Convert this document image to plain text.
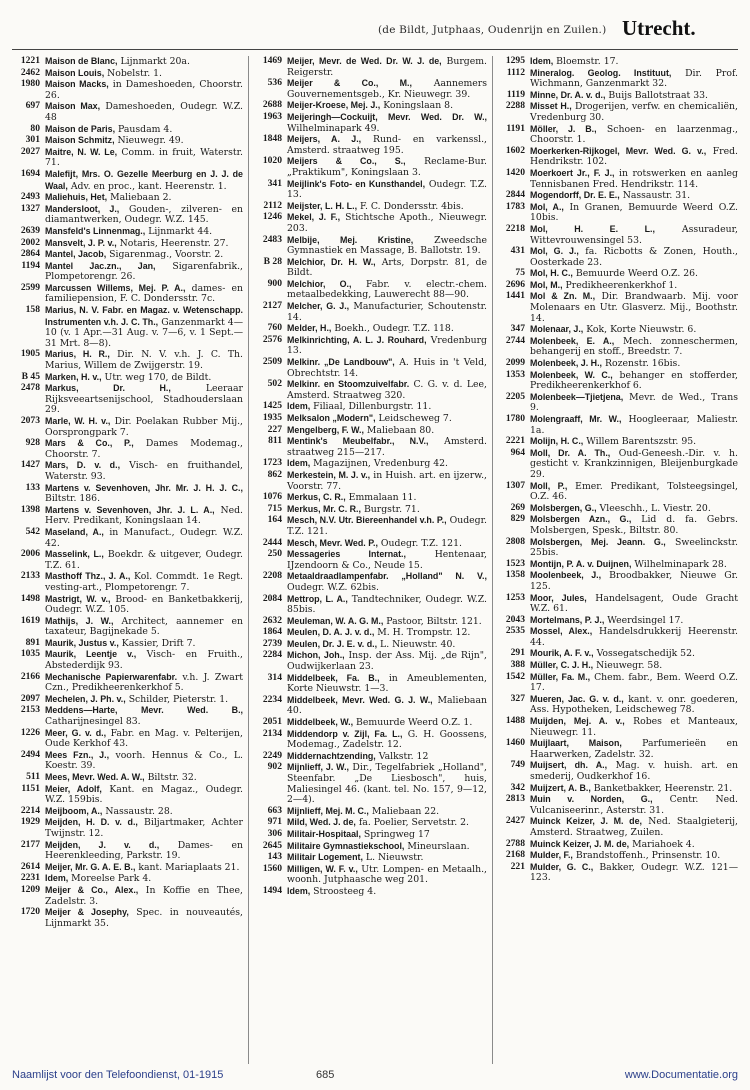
(de Bildt, Jutphaas, Oudenrijn en Zuilen.) Utrecht.
1221 Maison de Blanc, Lijnmarkt 20a.
2462 Maison Louis, Nobelstr. 1.
1980 Maison Macks, in Dameshoeden, Choorstr. 26.
697 Maison Max, Dameshoeden, Oudegr. W.Z. 48
80 Maison de Paris, Pausdam 4.
301 Maison Schmitz, Nieuwegr. 49.
2027 Maitre, N. W. Le, Comm. in fruit, Waterstr. 71.
1694 Malefijt, Mrs. O. Gezelle Meerburg en J. J. de Waal, Adv. en proc., kant. Heerenstr. 1.
2493 Maliehuis, Het, Maliebaan 2.
1327 Mandersloot, J., Gouden-, zilveren- en diamantwerken, Oudegr. W.Z. 145.
2639 Mansfeld's Linnenmag., Lijnmarkt 44.
2002 Mansvelt, J. P. v., Notaris, Heerenstr. 27.
2864 Mantel, Jacob, Sigarenmag., Voorstr. 2.
1194 Mantel Jac.zn., Jan, Sigarenfabrik., Plompetorengr. 26.
2599 Marcussen Willems, Mej. P. A., dames- en familiepension, F. C. Dondersstr. 7c.
158 Marius, N. V. Fabr. en Magaz. v. Wetenschapp. Instrumenten v.h. J. C. Th., Ganzenmarkt 4—10 (v. 1 Apr.—31 Aug. v. 7—6, v. 1 Sept.—31 Mrt. 8—8).
1905 Marius, H. R., Dir. N. V. v.h. J. C. Th. Marius, Willem de Zwijgerstr. 19.
B 45 Marken, H. v., Utr. weg 170, de Bildt.
2478 Markus, Dr. H., Leeraar Rijksveeartsenijschool, Stadhouderslaan 29.
2073 Marle, W. H. v., Dir. Poelakan Rubber Mij., Oorsprongpark 7.
928 Mars & Co., P., Dames Modemag., Choorstr. 7.
1427 Mars, D. v. d., Visch- en fruithandel, Waterstr. 93.
133 Martens v. Sevenhoven, Jhr. Mr. J. H. J. C., Biltstr. 186.
1398 Martens v. Sevenhoven, Jhr. J. L. A., Ned. Herv. Predikant, Koningslaan 14.
542 Maseland, A., in Manufact., Oudegr. W.Z. 42.
2006 Masselink, L., Boekdr. & uitgever, Oudegr. T.Z. 61.
2133 Masthoff Thz., J. A., Kol. Commdt. 1e Regt. vesting-art., Plompetorengr. 7.
1498 Mastrigt, W. v., Brood- en Banketbakkerij, Oudegr. W.Z. 105.
1619 Mathijs, J. W., Architect, aannemer en taxateur, Bagijnekade 5.
891 Maurik, Justus v., Kassier, Drift 7.
1035 Maurik, Leentje v., Visch- en Fruith., Abstederdijk 93.
2166 Mechanische Papierwarenfabr. v.h. J. Zwart Czn., Predikheerenkerkhof 5.
2097 Mechelen, J. Ph. v., Schilder, Pieterstr. 1.
2153 Meddens—Harte, Mevr. Wed. B., Catharijnesingel 83.
1226 Meer, G. v. d., Fabr. en Mag. v. Pelterijen, Oude Kerkhof 43.
2494 Mees Fzn., J., voorh. Hennus & Co., L. Koestr. 39.
511 Mees, Mevr. Wed. A. W., Biltstr. 32.
1151 Meier, Adolf, Kant. en Magaz., Oudegr. W.Z. 159bis.
2214 Meijboom, A., Nassaustr. 28.
1929 Meijden, H. D. v. d., Biljartmaker, Achter Twijnstr. 12.
2177 Meijden, J. v. d., Dames- en Heerenkleeding, Parkstr. 19.
2614 Meijer, Mr. G. A. E. B., kant. Mariaplaats 21.
2231 Idem, Moreelse Park 4.
1209 Meijer & Co., Alex., In Koffie en Thee, Zadelstr. 3.
1720 Meijer & Josephy, Spec. in nouveautés, Lijnmarkt 35.
1469 Meijer, Mevr. de Wed. Dr. W. J. de, Burgem. Reigerstr.
536 Meijer & Co., M., Aannemers Gouvernementsgeb., Kr. Nieuwegr. 39.
2688 Meijer-Kroese, Mej. J., Koningslaan 8.
1963 Meijeringh—Cockuijt, Mevr. Wed. Dr. W., Wilhelminapark 49.
1848 Meijers, A. J., Rund- en varkenssl., Amsterd. straatweg 195.
1020 Meijers & Co., S., Reclame-Bur. „Praktikum", Koningslaan 3.
341 Meijlink's Foto- en Kunsthandel, Oudegr. T.Z. 13.
2112 Meijster, L. H. L., F. C. Dondersstr. 4bis.
1246 Mekel, J. F., Stichtsche Apoth., Nieuwegr. 203.
2483 Melbije, Mej. Kristine, Zweedsche Gymnastiek en Massage, B. Ballotstr. 19.
B 28 Melchior, Dr. H. W., Arts, Dorpstr. 81, de Bildt.
900 Melchior, O., Fabr. v. electr.-chem. metaalbedekking, Lauwerecht 88—90.
2127 Melcher, G. J., Manufacturier, Schoutenstr. 14.
760 Melder, H., Boekh., Oudegr. T.Z. 118.
2576 Melkinrichting, A. L. J. Rouhard, Vredenburg 13.
2509 Melkinr. „De Landbouw", A. Huis in 't Veld, Obrechtstr. 14.
502 Melkinr. en Stoomzuivelfabr. C. G. v. d. Lee, Amsterd. Straatweg 320.
1425 Idem, Filiaal, Dillenburgstr. 11.
1935 Melksalon „Modern", Leidscheweg 7.
227 Mengelberg, F. W., Maliebaan 80.
811 Mentink's Meubelfabr., N.V., Amsterd. straatweg 215—217.
1723 Idem, Magazijnen, Vredenburg 42.
862 Merkestein, M. J. v., in Huish. art. en ijzerw., Voorstr. 77.
1076 Merkus, C. R., Emmalaan 11.
715 Merkus, Mr. C. R., Burgstr. 71.
164 Mesch, N.V. Utr. Biereenhandel v.h. P., Oudegr. T.Z. 121.
2444 Mesch, Mevr. Wed. P., Oudegr. T.Z. 121.
250 Messageries Internat., Hentenaar, IJzendoorn & Co., Neude 15.
2208 Metaaldraadlampenfabr. „Holland" N. V., Oudegr. W.Z. 62bis.
2084 Mettrop, L. A., Tandtechniker, Oudegr. W.Z. 85bis.
2632 Meuleman, W. A. G. M., Pastoor, Biltstr. 121.
1864 Meulen, D. A. J. v. d., M. H. Trompstr. 12.
2739 Meulen, Dr. J. E. v. d., L. Nieuwstr. 40.
2284 Michon, Joh., Insp. der Ass. Mij. „de Rijn", Oudwijkerlaan 23.
314 Middelbeek, Fa. B., in Ameublementen, Korte Nieuwstr. 1—3.
2234 Middelbeek, Mevr. Wed. G. J. W., Maliebaan 40.
2051 Middelbeek, W., Bemuurde Weerd O.Z. 1.
2134 Middendorp v. Zijl, Fa. L., G. H. Goossens, Modemag., Zadelstr. 12.
2249 Middernachtzending, Valkstr. 12
902 Mijnlieff, J. W., Dir., Tegelfabriek „Holland", Steenfabr. „De Liesbosch", huis, Maliesingel 46. (kant. tel. No. 157, 9—12, 2—4).
663 Mijnlieff, Mej. M. C., Maliebaan 22.
971 Mild, Wed. J. de, fa. Poelier, Servetstr. 2.
306 Militair-Hospitaal, Springweg 17
2645 Militaire Gymnastiekschool, Mineurslaan.
143 Militair Logement, L. Nieuwstr.
1560 Milligen, W. F. v., Utr. Lompen- en Metaalh., woonh. Jutphaasche weg 201.
1494 Idem, Stroosteeg 4.
1295 Idem, Bloemstr. 17.
1112 Mineralog. Geolog. Instituut, Dir. Prof. Wichmann, Ganzenmarkt 32.
1119 Minne, Dr. A. v. d., Buijs Ballotstraat 33.
2288 Misset H., Drogerijen, verfw. en chemicaliën, Vredenburg 30.
1191 Möller, J. B., Schoen- en laarzenmag., Choorstr. 1.
1602 Moerkerken-Rijkogel, Mevr. Wed. G. v., Fred. Hendrikstr. 102.
1420 Moerkoert Jr., F. J., in rotswerken en aanleg Tennisbanen Fred. Hendrikstr. 114.
2844 Mogendorff, Dr. E. E., Nassaustr. 31.
1783 Mol, A., In Granen, Bemuurde Weerd O.Z. 10bis.
2218 Mol, H. E. L., Assuradeur, Wittevrouwensingel 53.
431 Mol, G. J., fa. Ricbotts & Zonen, Houth., Oosterkade 23.
75 Mol, H. C., Bemuurde Weerd O.Z. 26.
2696 Mol, M., Predikheerenkerkhof 1.
1441 Mol & Zn. M., Dir. Brandwaarb. Mij. voor Molenaars en Utr. Glasverz. Mij., Boothstr. 14.
347 Molenaar, J., Kok, Korte Nieuwstr. 6.
2744 Molenbeek, E. A., Mech. zonneschermen, behangerij en stoff., Breedstr. 7.
2099 Molenbeek, J. H., Rozenstr. 16bis.
1353 Molenbeek, W. C., behanger en stofferder, Predikheerenkerkhof 6.
2205 Molenbeek—Tjietjena, Mevr. de Wed., Trans 9.
1780 Molengraaff, Mr. W., Hoogleeraar, Maliestr. 1a.
2221 Molijn, H. C., Willem Barentszstr. 95.
964 Moll, Dr. A. Th., Oud-Geneesh.-Dir. v. h. gesticht v. Krankzinnigen, Bleijenburgkade 29.
1307 Moll, P., Emer. Predikant, Tolsteegsingel, O.Z. 46.
269 Molsbergen, G., Vleeschh., L. Viestr. 20.
829 Molsbergen Azn., G., Lid d. fa. Gebrs. Molsbergen, Spesk., Biltstr. 80.
2808 Molsbergen, Mej. Jeann. G., Sweelinckstr. 25bis.
1523 Montijn, P. A. v. Duijnen, Wilhelminapark 28.
1358 Moolenbeek, J., Broodbakker, Nieuwe Gr. 125.
1253 Moor, Jules, Handelsagent, Oude Gracht W.Z. 61.
2043 Mortelmans, P. J., Weerdsingel 17.
2535 Mossel, Alex., Handelsdrukkerij Heerenstr. 44.
291 Mourik, A. F. v., Vossegatschedijk 52.
388 Müller, C. J. H., Nieuwegr. 58.
1542 Müller, Fa. M., Chem. fabr., Bem. Weerd O.Z. 17.
327 Mueren, Jac. G. v. d., kant. v. onr. goederen, Ass. Hypotheken, Leidscheweg 78.
1488 Muijden, Mej. A. v., Robes et Manteaux, Nieuwegr. 11.
1460 Muijlaart, Maison, Parfumerieën en Haarwerken, Zadelstr. 32.
749 Muijsert, dh. A., Mag. v. huish. art. en smederij, Oudkerkhof 16.
342 Muijzert, A. B., Banketbakker, Heerenstr. 21.
2813 Muin v. Norden, G., Centr. Ned. Vulcaniseerinr., Asterstr. 31.
2427 Muinck Keizer, J. M. de, Ned. Staalgieterij, Amsterd. Straatweg, Zuilen.
2788 Muinck Keizer, J. M. de, Mariahoek 4.
2168 Mulder, F., Brandstoffenh., Prinsenstr. 10.
221 Mulder, G. C., Bakker, Oudegr. W.Z. 121—123.
Naamlijst voor den Telefoondienst, 01-1915	685	www.Documentatie.org
